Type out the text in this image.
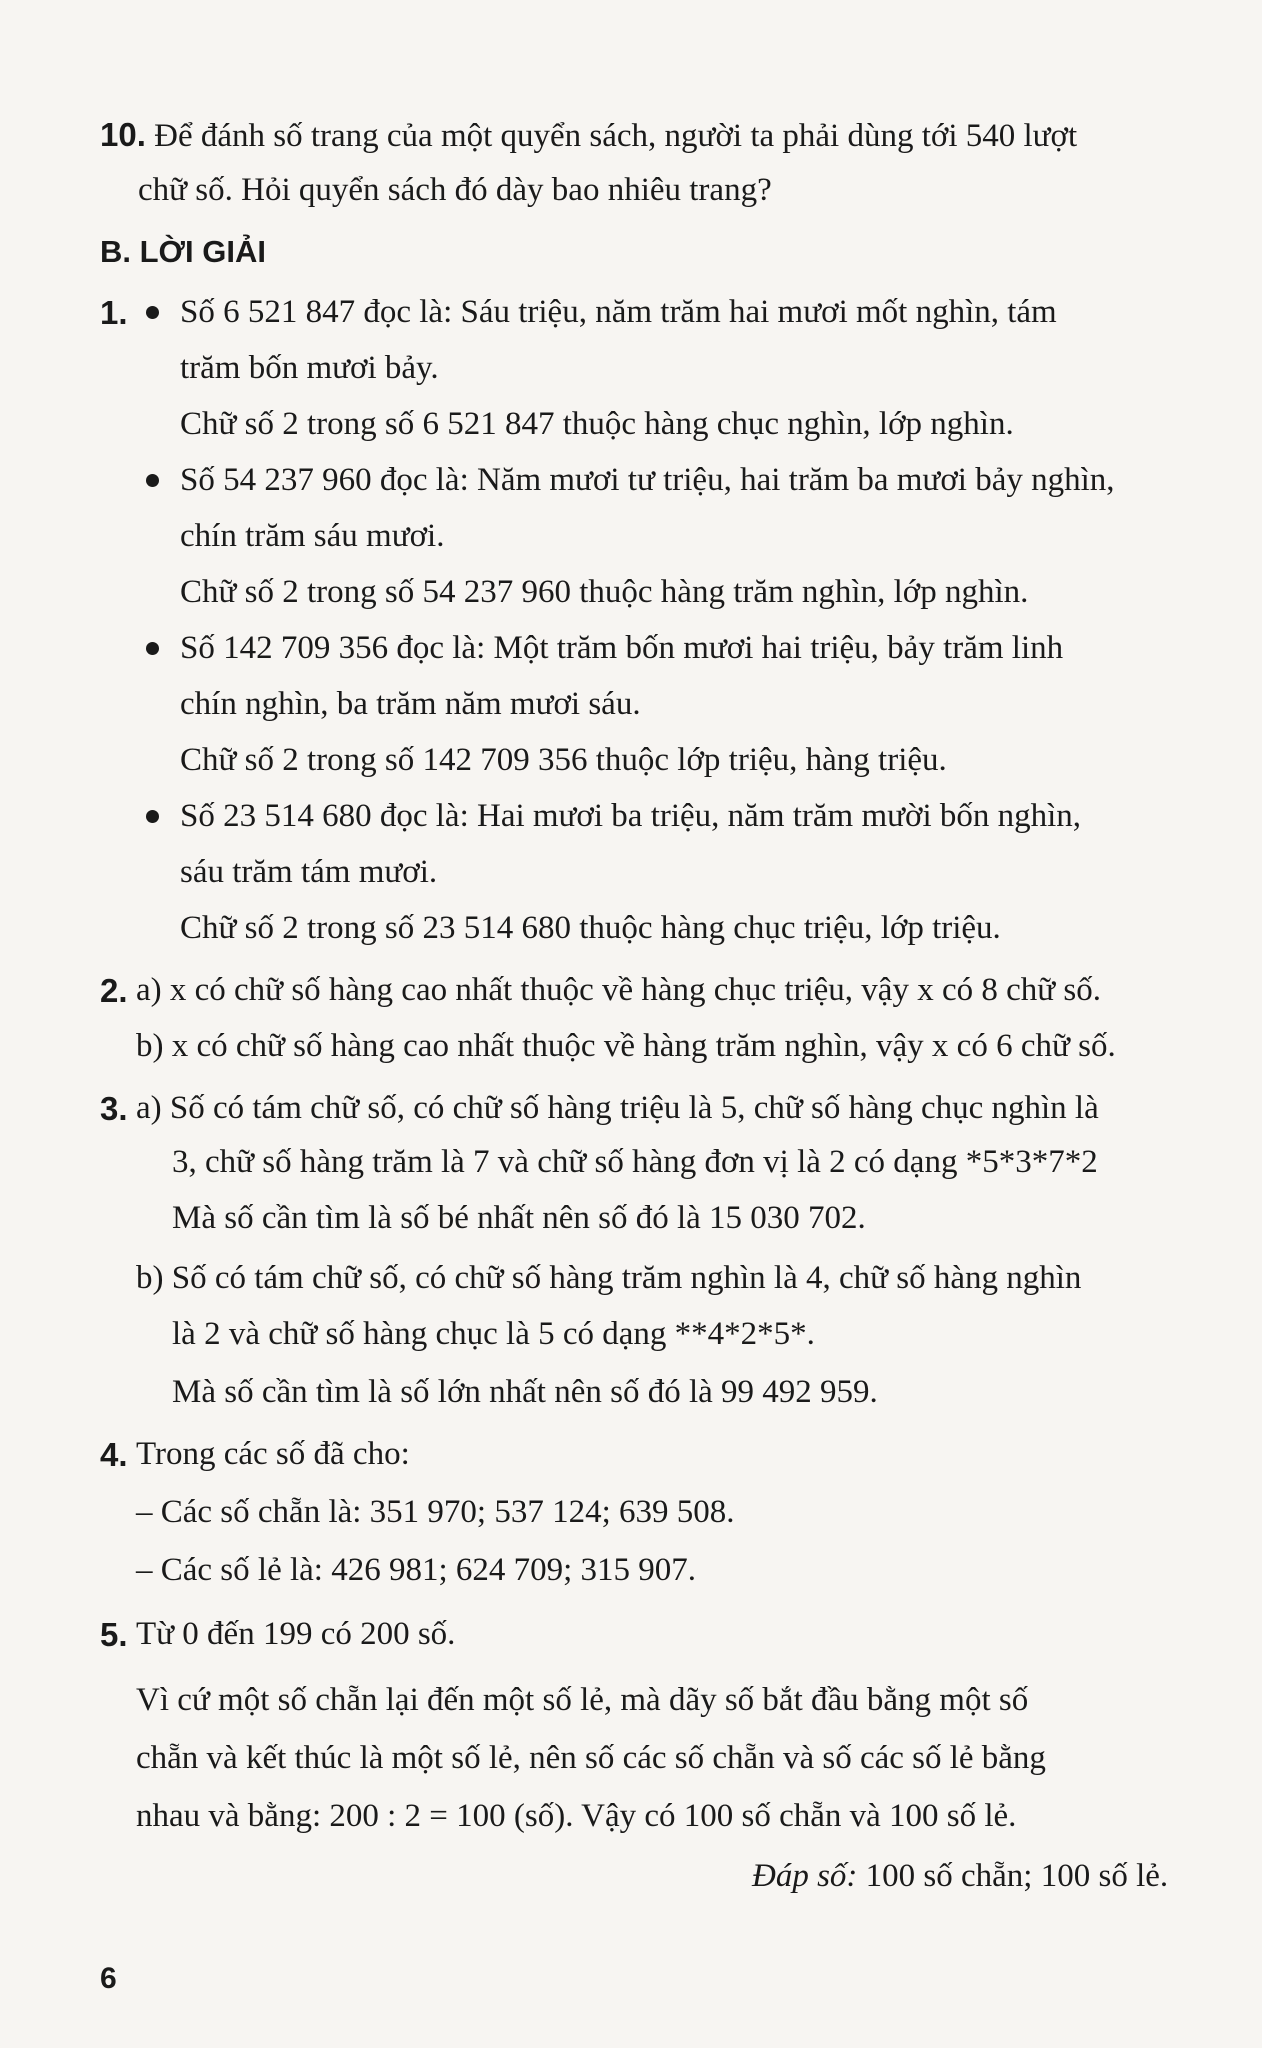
10. Để đánh số trang của một quyển sách, người ta phải dùng tới 540 lượt
chữ số. Hỏi quyển sách đó dày bao nhiêu trang?
B. LỜI GIẢI
1. Số 6 521 847 đọc là: Sáu triệu, năm trăm hai mươi mốt nghìn, tám
trăm bốn mươi bảy.
Chữ số 2 trong số 6 521 847 thuộc hàng chục nghìn, lớp nghìn.
Số 54 237 960 đọc là: Năm mươi tư triệu, hai trăm ba mươi bảy nghìn,
chín trăm sáu mươi.
Chữ số 2 trong số 54 237 960 thuộc hàng trăm nghìn, lớp nghìn.
Số 142 709 356 đọc là: Một trăm bốn mươi hai triệu, bảy trăm linh
chín nghìn, ba trăm năm mươi sáu.
Chữ số 2 trong số 142 709 356 thuộc lớp triệu, hàng triệu.
Số 23 514 680 đọc là: Hai mươi ba triệu, năm trăm mười bốn nghìn,
sáu trăm tám mươi.
Chữ số 2 trong số 23 514 680 thuộc hàng chục triệu, lớp triệu.
2. a) x có chữ số hàng cao nhất thuộc về hàng chục triệu, vậy x có 8 chữ số.
b) x có chữ số hàng cao nhất thuộc về hàng trăm nghìn, vậy x có 6 chữ số.
3. a) Số có tám chữ số, có chữ số hàng triệu là 5, chữ số hàng chục nghìn là
3, chữ số hàng trăm là 7 và chữ số hàng đơn vị là 2 có dạng *5*3*7*2
Mà số cần tìm là số bé nhất nên số đó là 15 030 702.
b) Số có tám chữ số, có chữ số hàng trăm nghìn là 4, chữ số hàng nghìn
là 2 và chữ số hàng chục là 5 có dạng **4*2*5*.
Mà số cần tìm là số lớn nhất nên số đó là 99 492 959.
4. Trong các số đã cho:
– Các số chẵn là: 351 970; 537 124; 639 508.
– Các số lẻ là: 426 981; 624 709; 315 907.
5. Từ 0 đến 199 có 200 số.
Vì cứ một số chẵn lại đến một số lẻ, mà dãy số bắt đầu bằng một số
chẵn và kết thúc là một số lẻ, nên số các số chẵn và số các số lẻ bằng
nhau và bằng: 200 : 2 = 100 (số). Vậy có 100 số chẵn và 100 số lẻ.
Đáp số: 100 số chẵn; 100 số lẻ.
6
